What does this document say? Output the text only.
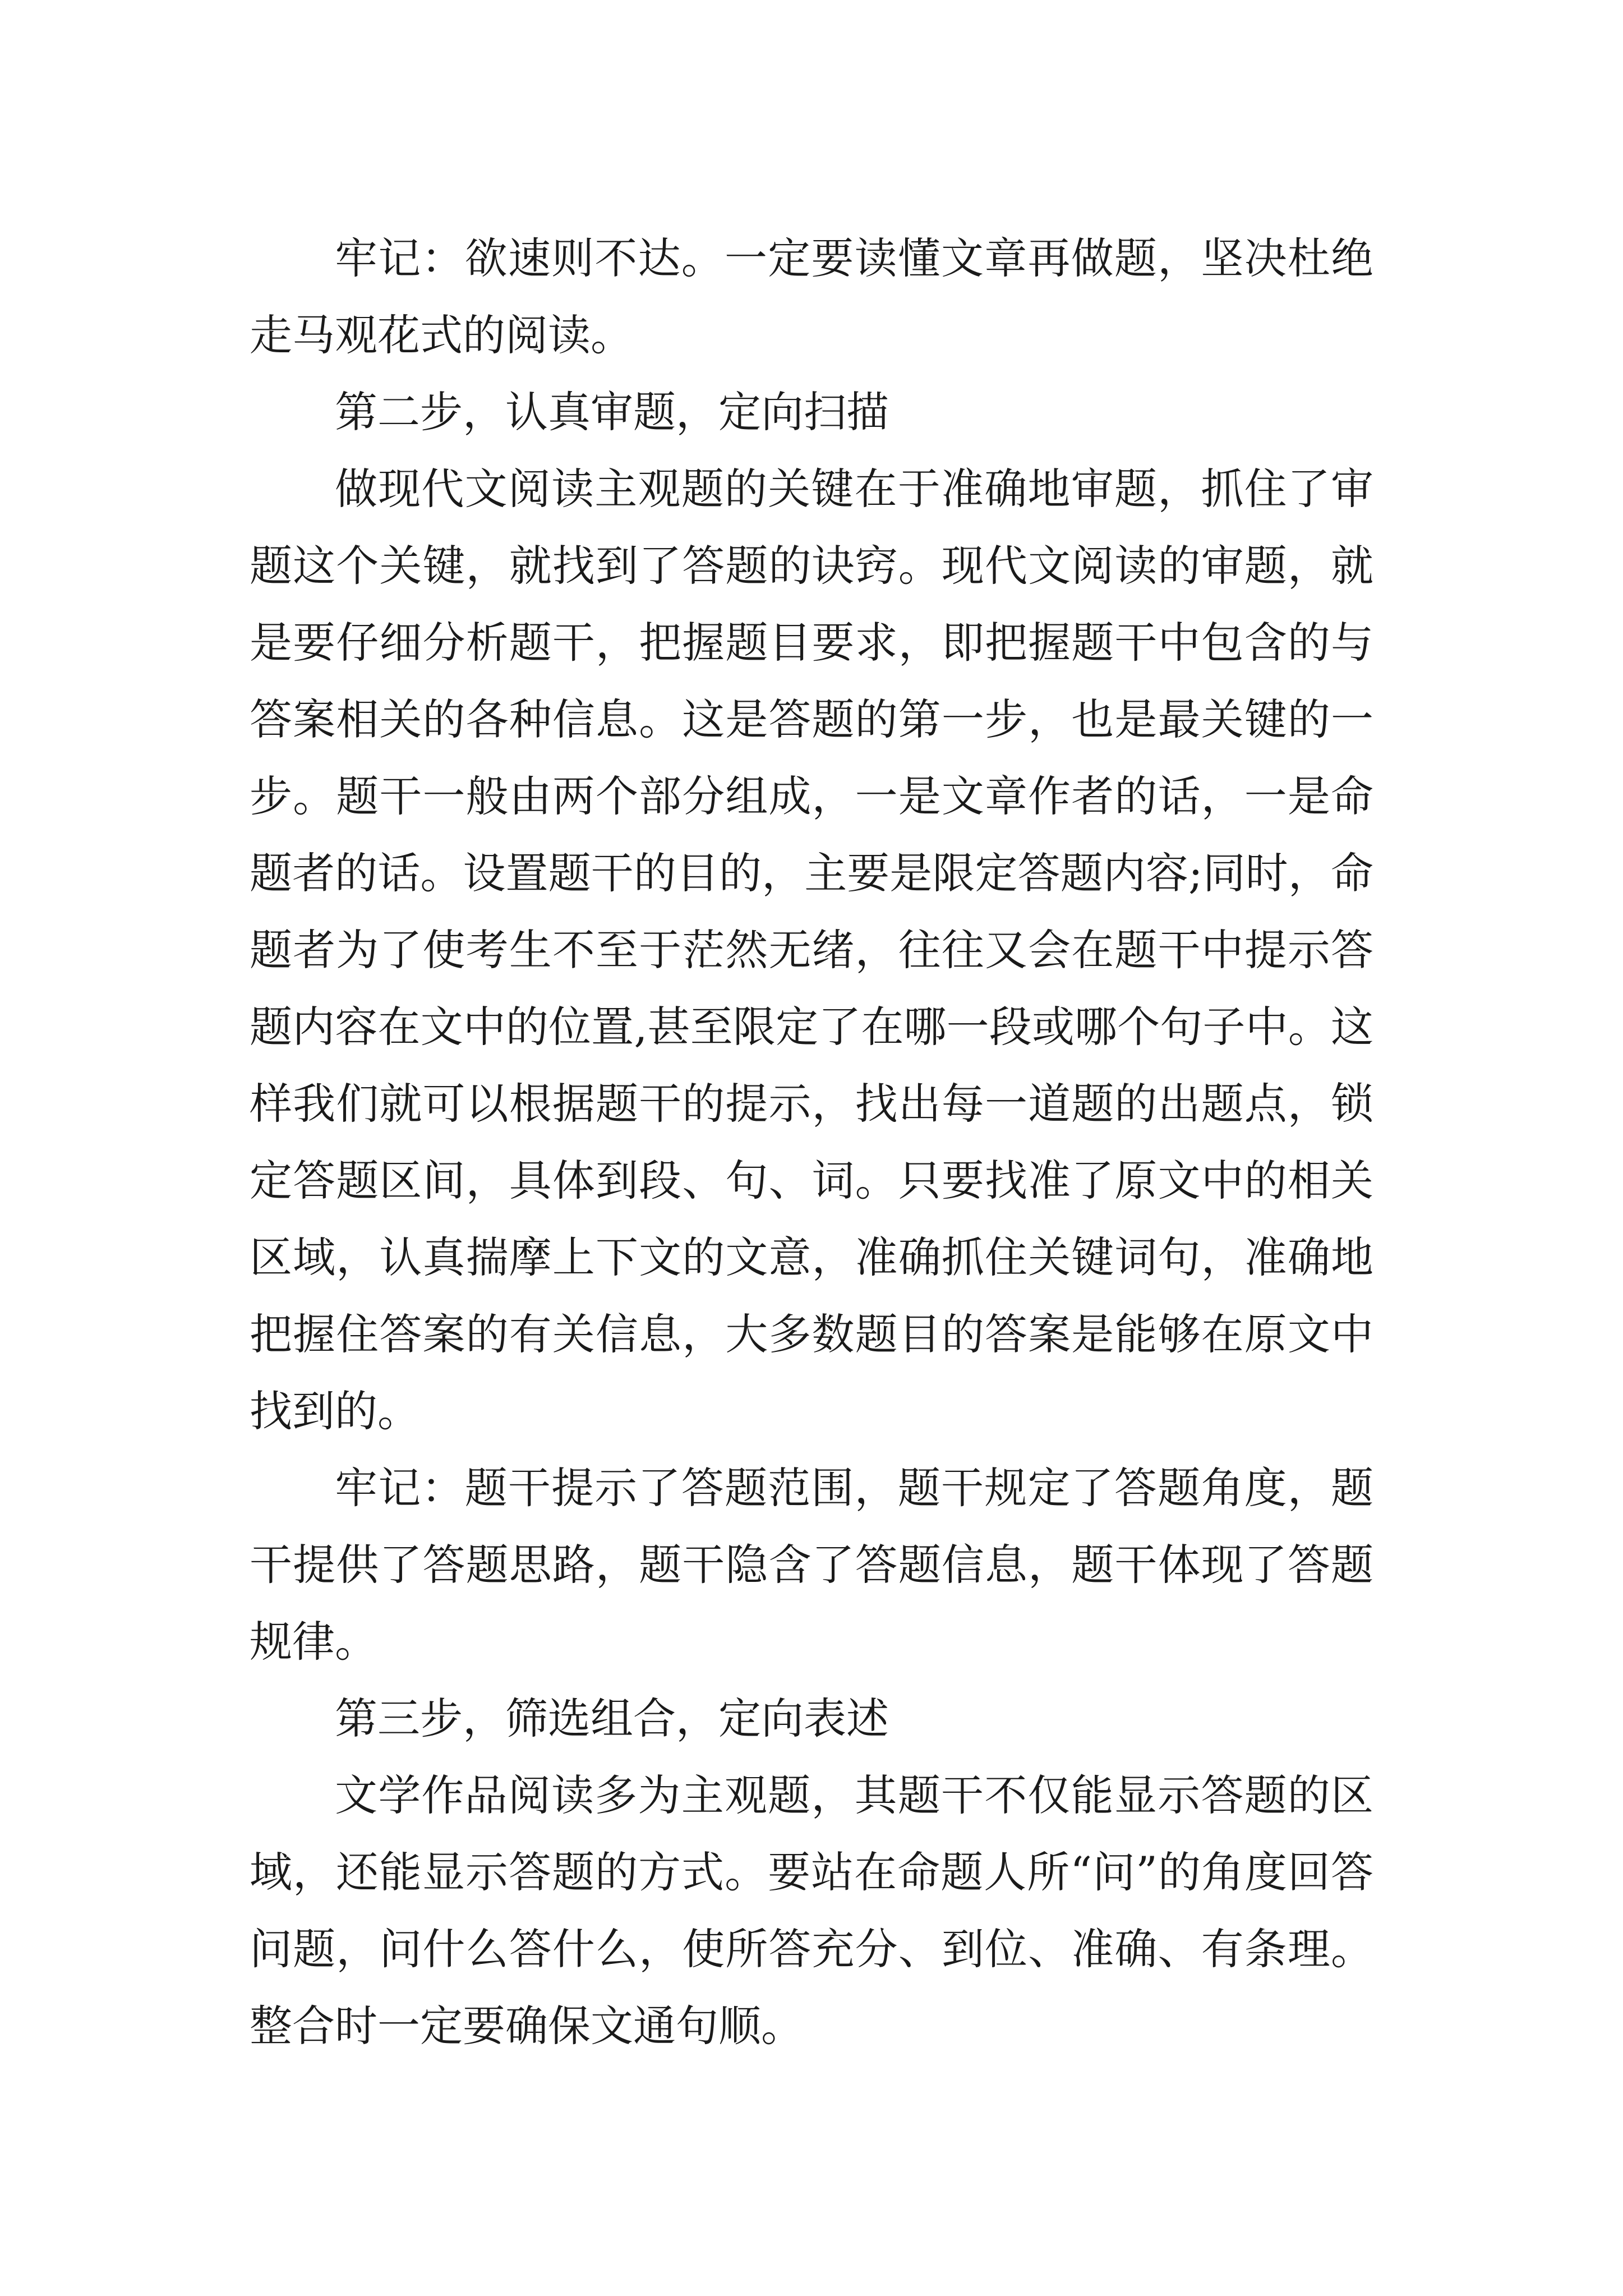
牢记：欲速则不达。一定要读懂文章再做题，坚决杜绝走马观花式的阅读。

第二步，认真审题，定向扫描

做现代文阅读主观题的关键在于准确地审题，抓住了审题这个关键，就找到了答题的诀窍。现代文阅读的审题，就是要仔细分析题干，把握题目要求，即把握题干中包含的与答案相关的各种信息。这是答题的第一步，也是最关键的一步。题干一般由两个部分组成，一是文章作者的话，一是命题者的话。设置题干的目的，主要是限定答题内容;同时，命题者为了使考生不至于茫然无绪，往往又会在题干中提示答题内容在文中的位置,甚至限定了在哪一段或哪个句子中。这样我们就可以根据题干的提示，找出每一道题的出题点，锁定答题区间，具体到段、句、词。只要找准了原文中的相关区域，认真揣摩上下文的文意，准确抓住关键词句，准确地把握住答案的有关信息，大多数题目的答案是能够在原文中找到的。

牢记：题干提示了答题范围，题干规定了答题角度，题干提供了答题思路，题干隐含了答题信息，题干体现了答题规律。

第三步，筛选组合，定向表述

文学作品阅读多为主观题，其题干不仅能显示答题的区域，还能显示答题的方式。要站在命题人所“问”的角度回答问题，问什么答什么，使所答充分、到位、准确、有条理。整合时一定要确保文通句顺。
